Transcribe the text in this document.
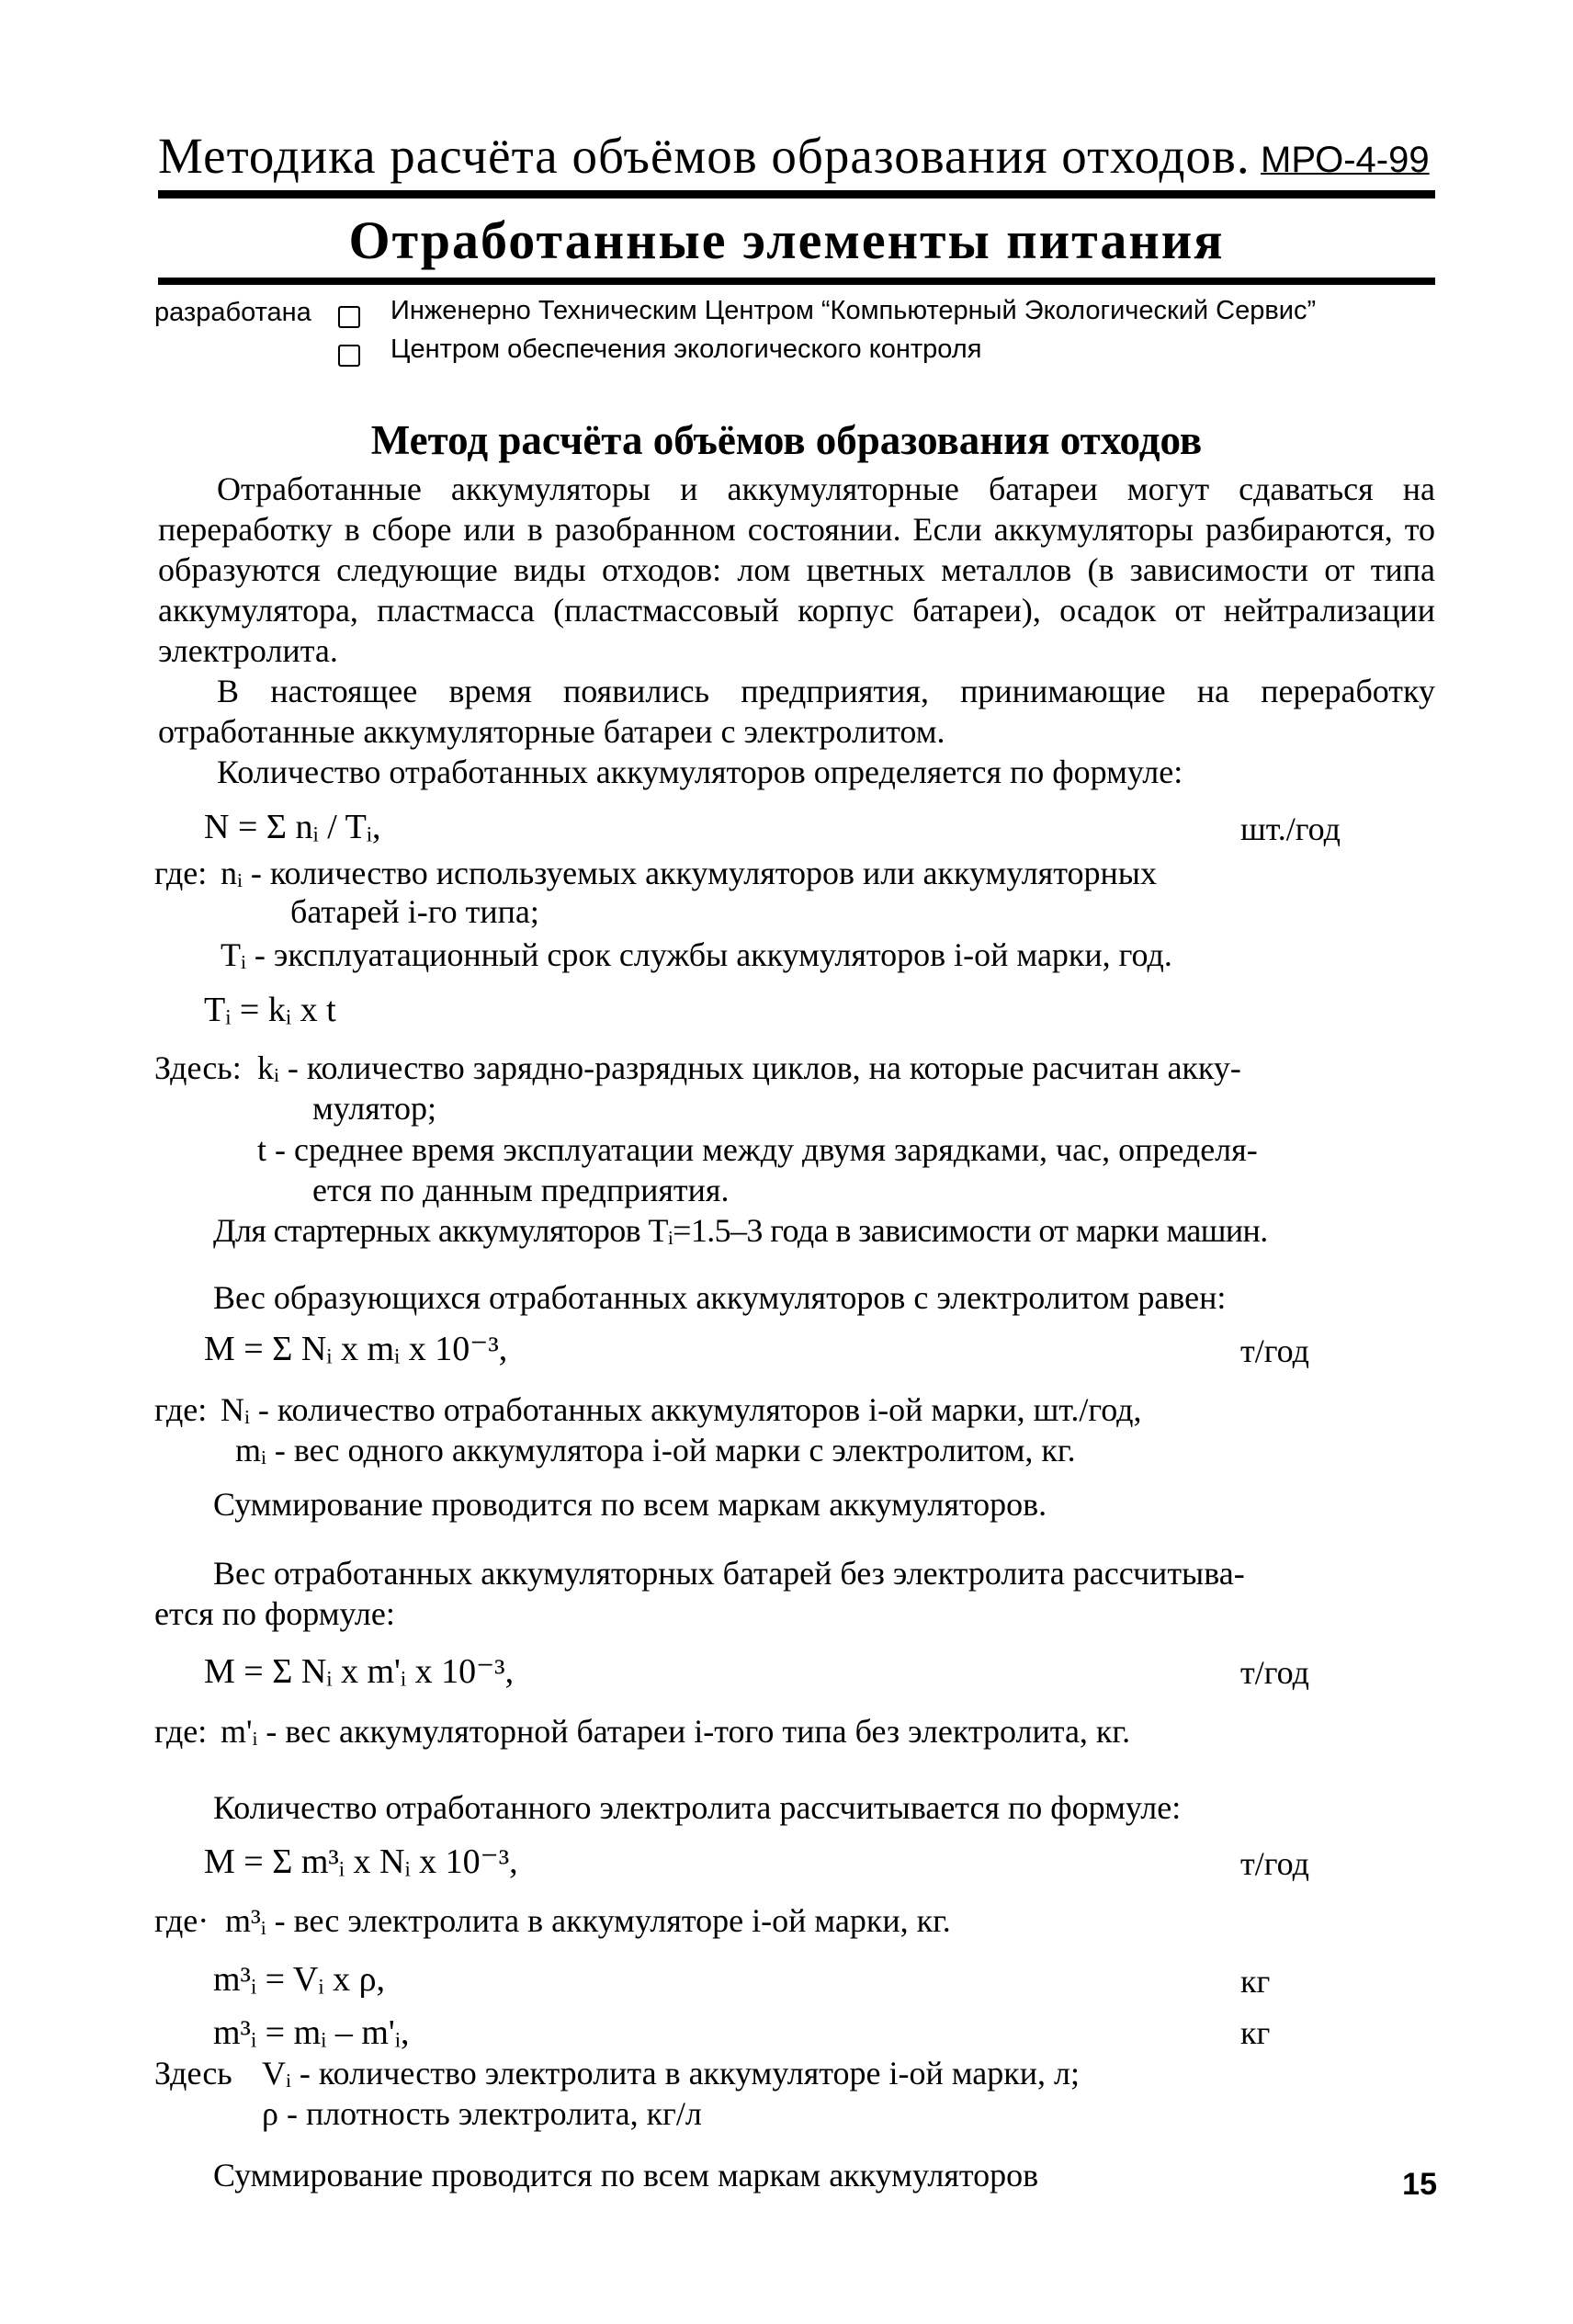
Методика расчёта объёмов образования отходов. МРО-4-99
Отработанные элементы питания
разработана	Инженерно Техническим Центром “Компьютерный Экологический Сервис”
Центром обеспечения экологического контроля
Метод расчёта объёмов образования отходов

Отработанные аккумуляторы и аккумуляторные батареи могут сдаваться на переработку в сборе или в разобранном состоянии. Если аккумуляторы разбираются, то образуются следующие виды отходов: лом цветных металлов (в зависимости от типа аккумулятора, пластмасса (пластмассовый корпус батареи), осадок от нейтрализации электролита.

В настоящее время появились предприятия, принимающие на переработку отработанные аккумуляторные батареи с электролитом.

Количество отработанных аккумуляторов определяется по формуле:

N = Σ nᵢ / Tᵢ,	шт./год
где: nᵢ - количество используемых аккумуляторов или аккумуляторных
батарей i-го типа;
Tᵢ - эксплуатационный срок службы аккумуляторов i-ой марки, год.
Tᵢ = kᵢ x t
Здесь: kᵢ - количество зарядно-разрядных циклов, на которые расчитан акку-
мулятор;
t - среднее время эксплуатации между двумя зарядками, час, определя-
ется по данным предприятия.
Для стартерных аккумуляторов Tᵢ=1.5–3 года в зависимости от марки машин.
Вес образующихся отработанных аккумуляторов с электролитом равен:
M = Σ Nᵢ x mᵢ x 10⁻³,	т/год
где: Nᵢ - количество отработанных аккумуляторов i-ой марки, шт./год,
mᵢ - вес одного аккумулятора i-ой марки с электролитом, кг.
Суммирование проводится по всем маркам аккумуляторов.
Вес отработанных аккумуляторных батарей без электролита рассчитыва-
ется по формуле:
M = Σ Nᵢ x m'ᵢ x 10⁻³,	т/год
где: m'ᵢ - вес аккумуляторной батареи i-того типа без электролита, кг.
Количество отработанного электролита рассчитывается по формуле:
M = Σ m³ᵢ x Nᵢ x 10⁻³,	т/год
где· m³ᵢ - вес электролита в аккумуляторе i-ой марки, кг.
m³ᵢ = Vᵢ x ρ,	кг
m³ᵢ = mᵢ – m'ᵢ,	кг
Здесь Vᵢ - количество электролита в аккумуляторе i-ой марки, л;
ρ - плотность электролита, кг/л
Суммирование проводится по всем маркам аккумуляторов	15
